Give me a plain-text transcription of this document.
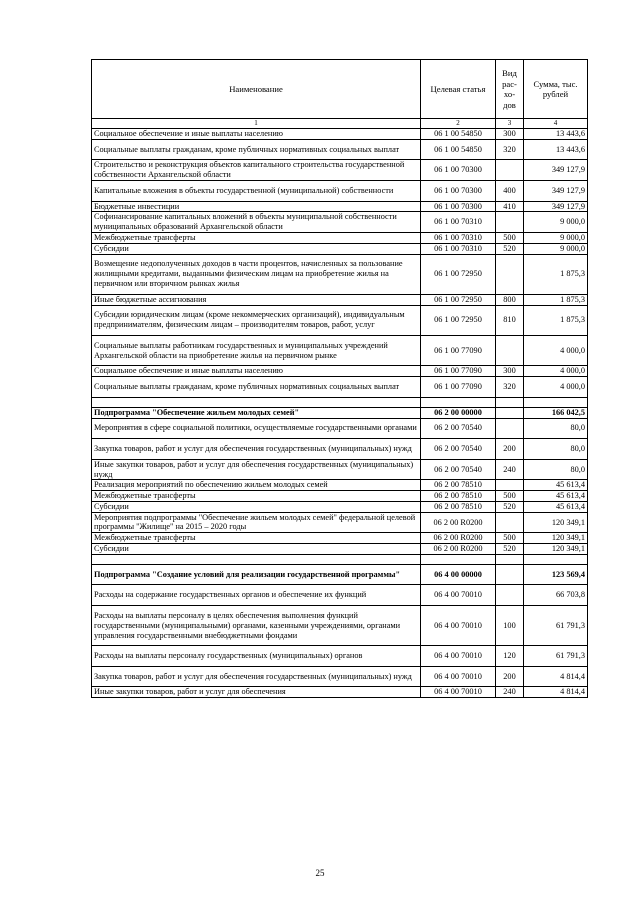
Наименование	Целевая статья	Вид рас-хо-дов	Сумма, тыс. рублей
1	2	3	4
Социальное обеспечение и иные выплаты населению	06 1 00 54850	300	13 443,6
Социальные выплаты гражданам, кроме публичных нормативных социальных выплат	06 1 00 54850	320	13 443,6
Строительство и реконструкция объектов капитального строительства государственной собственности Архангельской области	06 1 00 70300		349 127,9
Капитальные вложения в объекты государственной (муниципальной) собственности	06 1 00 70300	400	349 127,9
Бюджетные инвестиции	06 1 00 70300	410	349 127,9
Софинансирование капитальных вложений в объекты муниципальной собственности муниципальных образований Архангельской области	06 1 00 70310		9 000,0
Межбюджетные трансферты	06 1 00 70310	500	9 000,0
Субсидии	06 1 00 70310	520	9 000,0
Возмещение недополученных доходов в части процентов, начисленных за пользование жилищными кредитами, выданными физическим лицам на приобретение жилья на первичном или вторичном рынках жилья	06 1 00 72950		1 875,3
Иные бюджетные ассигнования	06 1 00 72950	800	1 875,3
Субсидии юридическим лицам (кроме некоммерческих организаций), индивидуальным предпринимателям, физическим лицам – производителям товаров, работ, услуг	06 1 00 72950	810	1 875,3
Социальные выплаты работникам государственных и муниципальных учреждений Архангельской области на приобретение жилья на первичном рынке	06 1 00 77090		4 000,0
Социальное обеспечение и иные выплаты населению	06 1 00 77090	300	4 000,0
Социальные выплаты гражданам, кроме публичных нормативных социальных выплат	06 1 00 77090	320	4 000,0

Подпрограмма "Обеспечение жильем молодых семей"	06 2 00 00000		166 042,5
Мероприятия в сфере социальной политики, осуществляемые государственными органами	06 2 00 70540		80,0
Закупка товаров, работ и услуг для обеспечения государственных (муниципальных) нужд	06 2 00 70540	200	80,0
Иные закупки товаров, работ и услуг для обеспечения государственных (муниципальных) нужд	06 2 00 70540	240	80,0
Реализация мероприятий по обеспечению жильем молодых семей	06 2 00 78510		45 613,4
Межбюджетные трансферты	06 2 00 78510	500	45 613,4
Субсидии	06 2 00 78510	520	45 613,4
Мероприятия подпрограммы "Обеспечение жильем молодых семей" федеральной целевой программы "Жилище" на 2015 – 2020 годы	06 2 00 R0200		120 349,1
Межбюджетные трансферты	06 2 00 R0200	500	120 349,1
Субсидии	06 2 00 R0200	520	120 349,1

Подпрограмма "Создание условий для реализации государственной программы"	06 4 00 00000		123 569,4
Расходы на содержание государственных органов и обеспечение их функций	06 4 00 70010		66 703,8
Расходы на выплаты персоналу в целях обеспечения выполнения функций государственными (муниципальными) органами, казенными учреждениями, органами управления государственными внебюджетными фондами	06 4 00 70010	100	61 791,3
Расходы на выплаты персоналу государственных (муниципальных) органов	06 4 00 70010	120	61 791,3
Закупка товаров, работ и услуг для обеспечения государственных (муниципальных) нужд	06 4 00 70010	200	4 814,4
Иные закупки товаров, работ и услуг для обеспечения	06 4 00 70010	240	4 814,4
25
